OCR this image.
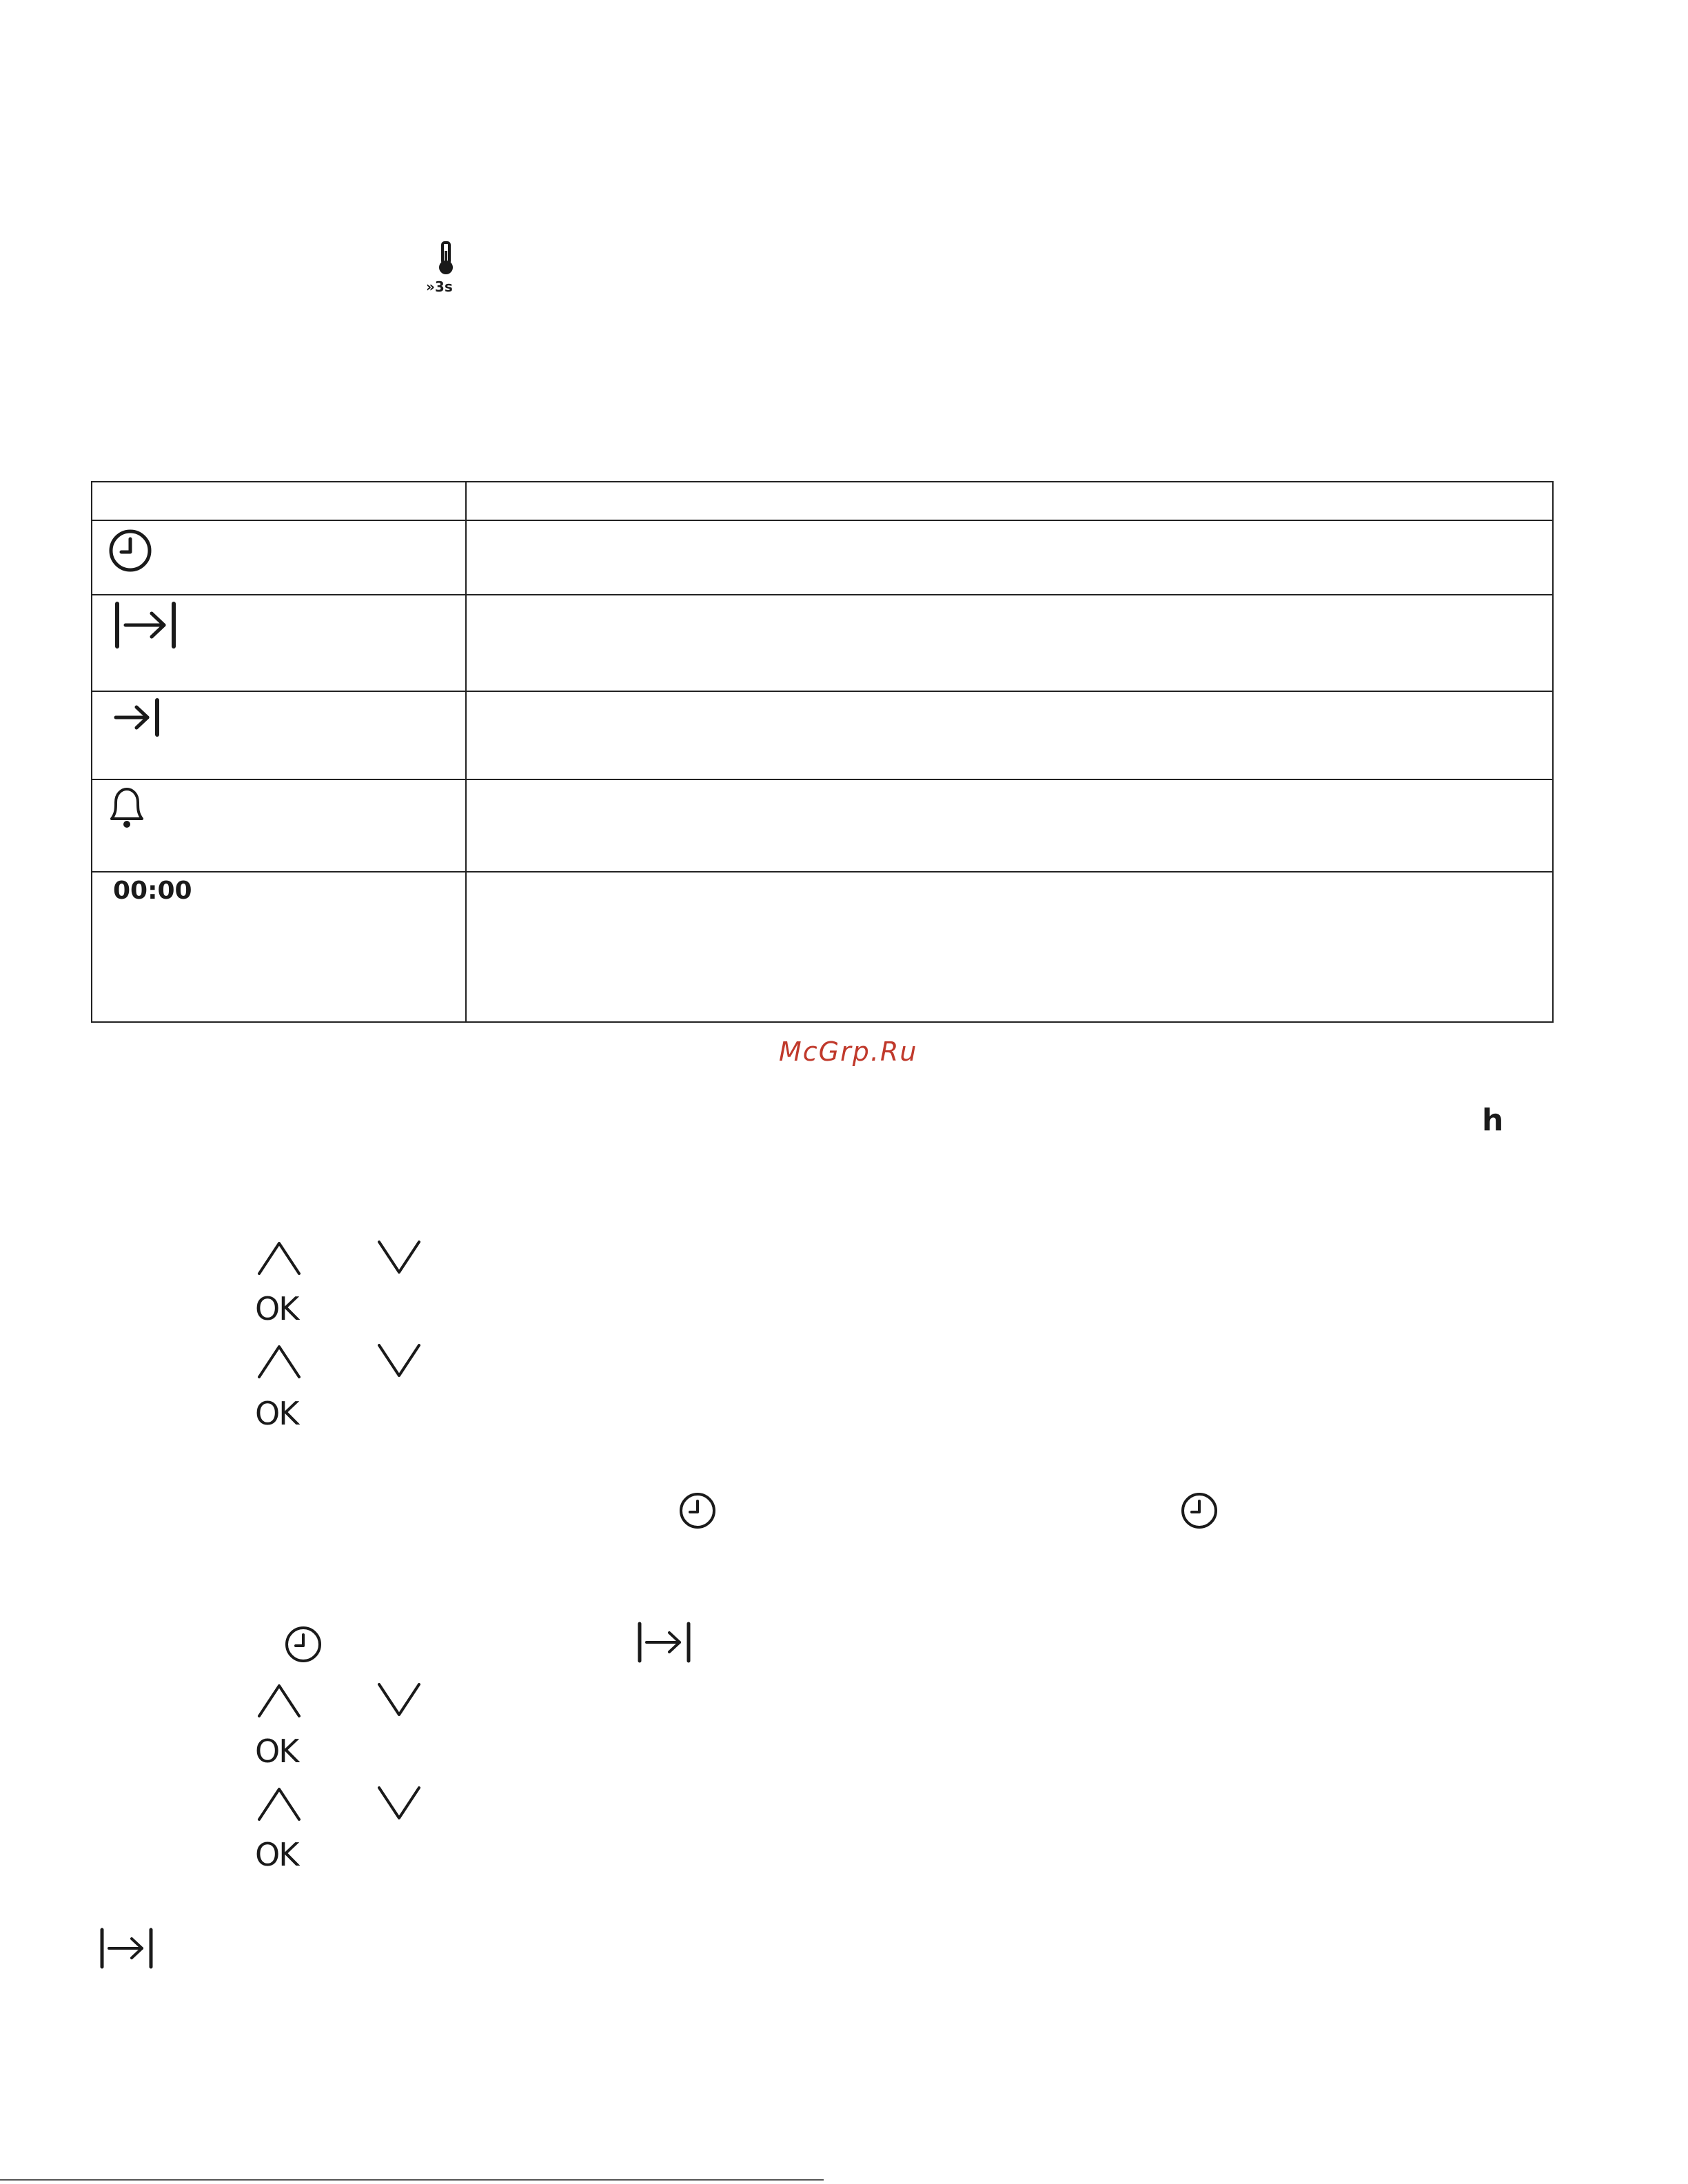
»3s
00:00
McGrp.Ru
h
OK
OK
OK
OK
